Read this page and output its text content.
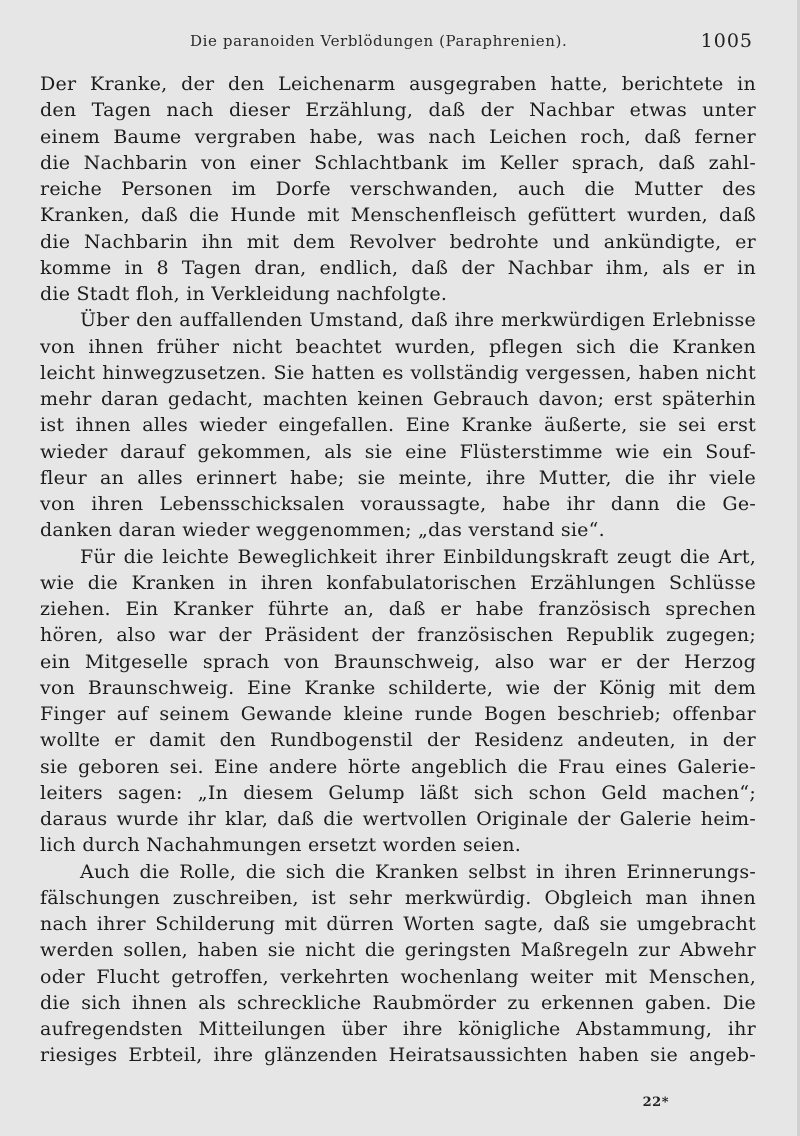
Die paranoiden Verblödungen (Paraphrenien).	1005
Der Kranke, der den Leichenarm ausgegraben hatte, berichtete in
den Tagen nach dieser Erzählung, daß der Nachbar etwas unter
einem Baume vergraben habe, was nach Leichen roch, daß ferner
die Nachbarin von einer Schlachtbank im Keller sprach, daß zahl-
reiche Personen im Dorfe verschwanden, auch die Mutter des
Kranken, daß die Hunde mit Menschenfleisch gefüttert wurden, daß
die Nachbarin ihn mit dem Revolver bedrohte und ankündigte, er
komme in 8 Tagen dran, endlich, daß der Nachbar ihm, als er in
die Stadt floh, in Verkleidung nachfolgte.
Über den auffallenden Umstand, daß ihre merkwürdigen Erlebnisse
von ihnen früher nicht beachtet wurden, pflegen sich die Kranken
leicht hinwegzusetzen. Sie hatten es vollständig vergessen, haben nicht
mehr daran gedacht, machten keinen Gebrauch davon; erst späterhin
ist ihnen alles wieder eingefallen. Eine Kranke äußerte, sie sei erst
wieder darauf gekommen, als sie eine Flüsterstimme wie ein Souf-
fleur an alles erinnert habe; sie meinte, ihre Mutter, die ihr viele
von ihren Lebensschicksalen voraussagte, habe ihr dann die Ge-
danken daran wieder weggenommen; „das verstand sie“.
Für die leichte Beweglichkeit ihrer Einbildungskraft zeugt die Art,
wie die Kranken in ihren konfabulatorischen Erzählungen Schlüsse
ziehen. Ein Kranker führte an, daß er habe französisch sprechen
hören, also war der Präsident der französischen Republik zugegen;
ein Mitgeselle sprach von Braunschweig, also war er der Herzog
von Braunschweig. Eine Kranke schilderte, wie der König mit dem
Finger auf seinem Gewande kleine runde Bogen beschrieb; offenbar
wollte er damit den Rundbogenstil der Residenz andeuten, in der
sie geboren sei. Eine andere hörte angeblich die Frau eines Galerie-
leiters sagen: „In diesem Gelump läßt sich schon Geld machen“;
daraus wurde ihr klar, daß die wertvollen Originale der Galerie heim-
lich durch Nachahmungen ersetzt worden seien.
Auch die Rolle, die sich die Kranken selbst in ihren Erinnerungs-
fälschungen zuschreiben, ist sehr merkwürdig. Obgleich man ihnen
nach ihrer Schilderung mit dürren Worten sagte, daß sie umgebracht
werden sollen, haben sie nicht die geringsten Maßregeln zur Abwehr
oder Flucht getroffen, verkehrten wochenlang weiter mit Menschen,
die sich ihnen als schreckliche Raubmörder zu erkennen gaben. Die
aufregendsten Mitteilungen über ihre königliche Abstammung, ihr
riesiges Erbteil, ihre glänzenden Heiratsaussichten haben sie angeb-
22*
